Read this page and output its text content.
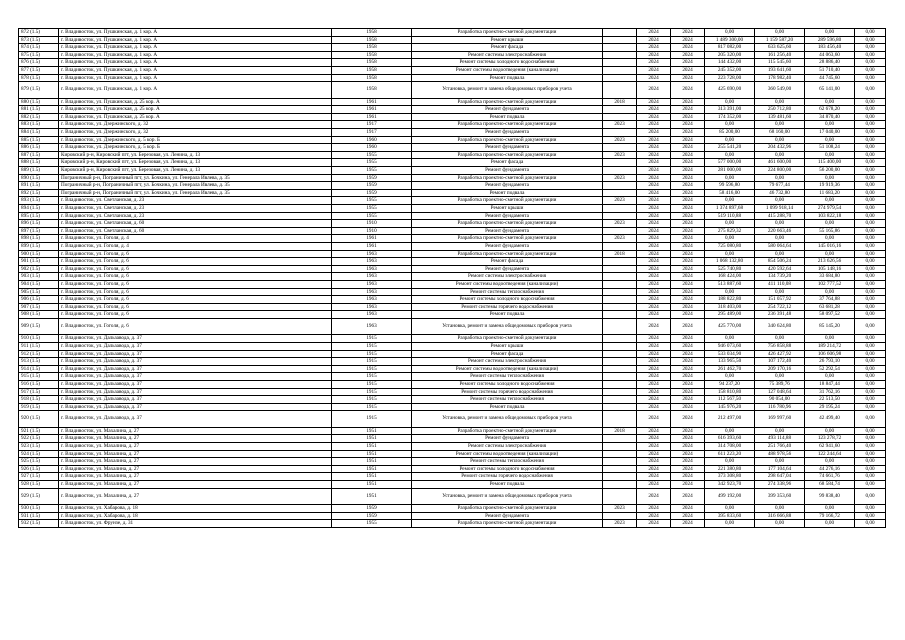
872 (1.5)	г. Владивосток, ул. Пушкинская, д. 1 кор. А	1958	Разработка проектно-сметной документации		2024	2024	0,00	0,00	0,00	0,00
873 (1.5)	г. Владивосток, ул. Пушкинская, д. 1 кор. А	1958	Ремонт крыши		2024	2024	1 489 300,00	1 159 587,20	289 596,80	0,00
874 (1.5)	г. Владивосток, ул. Пушкинская, д. 1 кор. А	1958	Ремонт фасада		2024	2024	817 082,00	633 625,60	183 456,40	0,00
875 (1.5)	г. Владивосток, ул. Пушкинская, д. 1 кор. А	1958	Ремонт системы электроснабжения		2024	2024	205 320,00	161 256,40	44 063,60	0,00
876 (1.5)	г. Владивосток, ул. Пушкинская, д. 1 кор. А	1958	Ремонт системы холодного водоснабжения		2024	2024	144 432,00	115 545,60	28 886,40	0,00
877 (1.5)	г. Владивосток, ул. Пушкинская, д. 1 кор. А	1958	Ремонт системы водоотведения (канализации)		2024	2024	245 352,00	193 641,60	51 710,40	0,00
878 (1.5)	г. Владивосток, ул. Пушкинская, д. 1 кор. А	1958	Ремонт подвала		2024	2024	223 728,00	178 982,40	44 745,60	0,00
879 (1.5)	г. Владивосток, ул. Пушкинская, д. 1 кор. А	1958	Установка, ремонт и замена общедомовых приборов учета		2024	2024	425 690,00	360 549,00	65 141,00	0,00
880 (1.5)	г. Владивосток, ул. Пушкинская, д. 25 кор. А	1961	Разработка проектно-сметной документации	2018	2024	2024	0,00	0,00	0,00	0,00
881 (1.5)	г. Владивосток, ул. Пушкинская, д. 25 кор. А	1961	Ремонт фундамента		2024	2024	313 391,00	250 712,80	62 678,20	0,00
882 (1.5)	г. Владивосток, ул. Пушкинская, д. 25 кор. А	1961	Ремонт подвала		2024	2024	174 352,00	139 481,60	34 870,40	0,00
883 (1.5)	г. Владивосток, ул. Дзержинского, д. 32	1917	Разработка проектно-сметной документации	2023	2024	2024	0,00	0,00	0,00	0,00
884 (1.5)	г. Владивосток, ул. Дзержинского, д. 32	1917	Ремонт фундамента		2024	2024	85 200,00	68 160,00	17 040,00	0,00
885 (1.5)	г. Владивосток, ул. Дзержинского, д. 5 кор. Б	1960	Разработка проектно-сметной документации	2023	2024	2024	0,00	0,00	0,00	0,00
886 (1.5)	г. Владивосток, ул. Дзержинского, д. 5 кор. Б	1960	Ремонт фундамента		2024	2024	255 541,20	204 432,96	51 108,24	0,00
887 (1.5)	Кировский р-н, Кировский пгт, ул. Березовая, ул. Ленина, д. 13	1955	Разработка проектно-сметной документации	2023	2024	2024	0,00	0,00	0,00	0,00
888 (1.5)	Кировский р-н, Кировский пгт, ул. Березовая, ул. Ленина, д. 13	1955	Ремонт фасада		2024	2024	577 000,00	461 600,00	115 400,00	0,00
889 (1.5)	Кировский р-н, Кировский пгт, ул. Березовая, ул. Ленина, д. 13	1955	Ремонт фундамента		2024	2024	281 000,00	224 800,00	56 200,00	0,00
890 (1.5)	Пограничный р-н, Пограничный пгт, ул. Бочкина, ул. Генерала Ивлева, д. 35	1959	Разработка проектно-сметной документации	2023	2024	2024	0,00	0,00	0,00	0,00
891 (1.5)	Пограничный р-н, Пограничный пгт, ул. Бочкина, ул. Генерала Ивлева, д. 35	1959	Ремонт фундамента		2024	2024	99 596,80	79 677,44	19 919,36	0,00
892 (1.5)	Пограничный р-н, Пограничный пгт, ул. Бочкина, ул. Генерала Ивлева, д. 35	1959	Ремонт подвала		2024	2024	58 416,00	46 732,80	11 683,20	0,00
893 (1.5)	г. Владивосток, ул. Светланская, д. 23	1955	Разработка проектно-сметной документации	2023	2024	2024	0,00	0,00	0,00	0,00
894 (1.5)	г. Владивосток, ул. Светланская, д. 23	1955	Ремонт крыши		2024	2024	1 374 897,68	1 099 918,14	274 979,54	0,00
895 (1.5)	г. Владивосток, ул. Светланская, д. 23	1955	Ремонт фундамента		2024	2024	519 110,88	415 288,70	103 822,18	0,00
896 (1.5)	г. Владивосток, ул. Светланская, д. 60	1910	Разработка проектно-сметной документации	2023	2024	2024	0,00	0,00	0,00	0,00
897 (1.5)	г. Владивосток, ул. Светланская, д. 60	1910	Ремонт фундамента		2024	2024	275 829,32	220 663,46	55 165,86	0,00
898 (1.5)	г. Владивосток, ул. Гоголя, д. 4	1961	Разработка проектно-сметной документации	2023	2024	2024	0,00	0,00	0,00	0,00
899 (1.5)	г. Владивосток, ул. Гоголя, д. 4	1961	Ремонт фундамента		2024	2024	725 080,80	580 064,64	145 016,16	0,00
900 (1.5)	г. Владивосток, ул. Гоголя, д. 6	1963	Разработка проектно-сметной документации	2018	2024	2024	0,00	0,00	0,00	0,00
901 (1.5)	г. Владивосток, ул. Гоголя, д. 6	1963	Ремонт фасада		2024	2024	1 068 132,80	854 506,24	213 626,56	0,00
902 (1.5)	г. Владивосток, ул. Гоголя, д. 6	1963	Ремонт фундамента		2024	2024	525 740,80	420 592,64	105 148,16	0,00
903 (1.5)	г. Владивосток, ул. Гоголя, д. 6	1963	Ремонт системы электроснабжения		2024	2024	168 424,00	134 739,20	33 684,80	0,00
904 (1.5)	г. Владивосток, ул. Гоголя, д. 6	1963	Ремонт системы водоотведения (канализации)		2024	2024	513 887,60	411 110,08	102 777,52	0,00
905 (1.5)	г. Владивосток, ул. Гоголя, д. 6	1963	Ремонт системы теплоснабжения		2024	2024	0,00	0,00	0,00	0,00
906 (1.5)	г. Владивосток, ул. Гоголя, д. 6	1963	Ремонт системы холодного водоснабжения		2024	2024	188 822,80	151 057,92	37 764,88	0,00
907 (1.5)	г. Владивосток, ул. Гоголя, д. 6	1963	Ремонт системы горячего водоснабжения		2024	2024	318 403,00	254 722,12	63 681,28	0,00
908 (1.5)	г. Владивосток, ул. Гоголя, д. 6	1963	Ремонт подвала		2024	2024	295 489,00	236 391,48	58 097,52	0,00
909 (1.5)	г. Владивосток, ул. Гоголя, д. 6	1963	Установка, ремонт и замена общедомовых приборов учета		2024	2024	425 770,00	340 624,80	85 145,20	0,00
910 (1.5)	г. Владивосток, ул. Дальзавода, д. 37	1915	Разработка проектно-сметной документации		2024	2024	0,00	0,00	0,00	0,00
911 (1.5)	г. Владивосток, ул. Дальзавода, д. 37	1915	Ремонт крыши		2024	2024	946 073,60	756 858,88	189 214,72	0,00
912 (1.5)	г. Владивосток, ул. Дальзавода, д. 37	1915	Ремонт фасада		2024	2024	533 034,90	426 427,92	106 606,98	0,00
913 (1.5)	г. Владивосток, ул. Дальзавода, д. 37	1915	Ремонт системы электроснабжения		2024	2024	133 965,50	107 172,40	26 793,10	0,00
914 (1.5)	г. Владивосток, ул. Дальзавода, д. 37	1915	Ремонт системы водоотведения (канализации)		2024	2024	261 462,70	209 170,16	52 292,54	0,00
915 (1.5)	г. Владивосток, ул. Дальзавода, д. 37	1915	Ремонт системы теплоснабжения		2024	2024	0,00	0,00	0,00	0,00
916 (1.5)	г. Владивосток, ул. Дальзавода, д. 37	1915	Ремонт системы холодного водоснабжения		2024	2024	94 237,20	75 389,76	18 847,44	0,00
917 (1.5)	г. Владивосток, ул. Дальзавода, д. 37	1915	Ремонт системы горячего водоснабжения		2024	2024	158 810,80	127 048,64	31 762,16	0,00
918 (1.5)	г. Владивосток, ул. Дальзавода, д. 37	1915	Ремонт системы теплоснабжения		2024	2024	112 567,50	90 054,00	22 513,50	0,00
919 (1.5)	г. Владивосток, ул. Дальзавода, д. 37	1915	Ремонт подвала		2024	2024	145 976,20	116 780,96	29 195,24	0,00
920 (1.5)	г. Владивосток, ул. Дальзавода, д. 37	1915	Установка, ремонт и замена общедомовых приборов учета		2024	2024	212 497,00	169 997,60	42 499,40	0,00
921 (1.5)	г. Владивосток, ул. Махалина, д. 27	1951	Разработка проектно-сметной документации	2018	2024	2024	0,00	0,00	0,00	0,00
922 (1.5)	г. Владивосток, ул. Махалина, д. 27	1951	Ремонт фундамента		2024	2024	616 393,60	493 114,88	123 278,72	0,00
923 (1.5)	г. Владивосток, ул. Махалина, д. 27	1951	Ремонт системы электроснабжения		2024	2024	314 708,00	251 766,40	62 941,60	0,00
924 (1.5)	г. Владивосток, ул. Махалина, д. 27	1951	Ремонт системы водоотведения (канализации)		2024	2024	611 223,20	488 978,56	122 244,64	0,00
925 (1.5)	г. Владивосток, ул. Махалина, д. 27	1951	Ремонт системы теплоснабжения		2024	2024	0,00	0,00	0,00	0,00
926 (1.5)	г. Владивосток, ул. Махалина, д. 27	1951	Ремонт системы холодного водоснабжения		2024	2024	221 380,80	177 104,64	44 276,16	0,00
927 (1.5)	г. Владивосток, ул. Махалина, д. 27	1951	Ремонт системы горячего водоснабжения		2024	2024	373 308,80	298 647,04	74 661,76	0,00
928 (1.5)	г. Владивосток, ул. Махалина, д. 27	1951	Ремонт подвала		2024	2024	342 923,70	274 338,96	68 584,74	0,00
929 (1.5)	г. Владивосток, ул. Махалина, д. 27	1951	Установка, ремонт и замена общедомовых приборов учета		2024	2024	499 192,00	399 353,60	99 838,40	0,00
930 (1.5)	г. Владивосток, ул. Хабарова, д. 18	1959	Разработка проектно-сметной документации	2023	2024	2024	0,00	0,00	0,00	0,00
931 (1.5)	г. Владивосток, ул. Хабарова, д. 18	1959	Ремонт фундамента		2024	2024	395 833,60	316 666,88	79 166,72	0,00
932 (1.5)	г. Владивосток, ул. Фрунзе, д. 31	1955	Разработка проектно-сметной документации	2023	2024	2024	0,00	0,00	0,00	0,00
